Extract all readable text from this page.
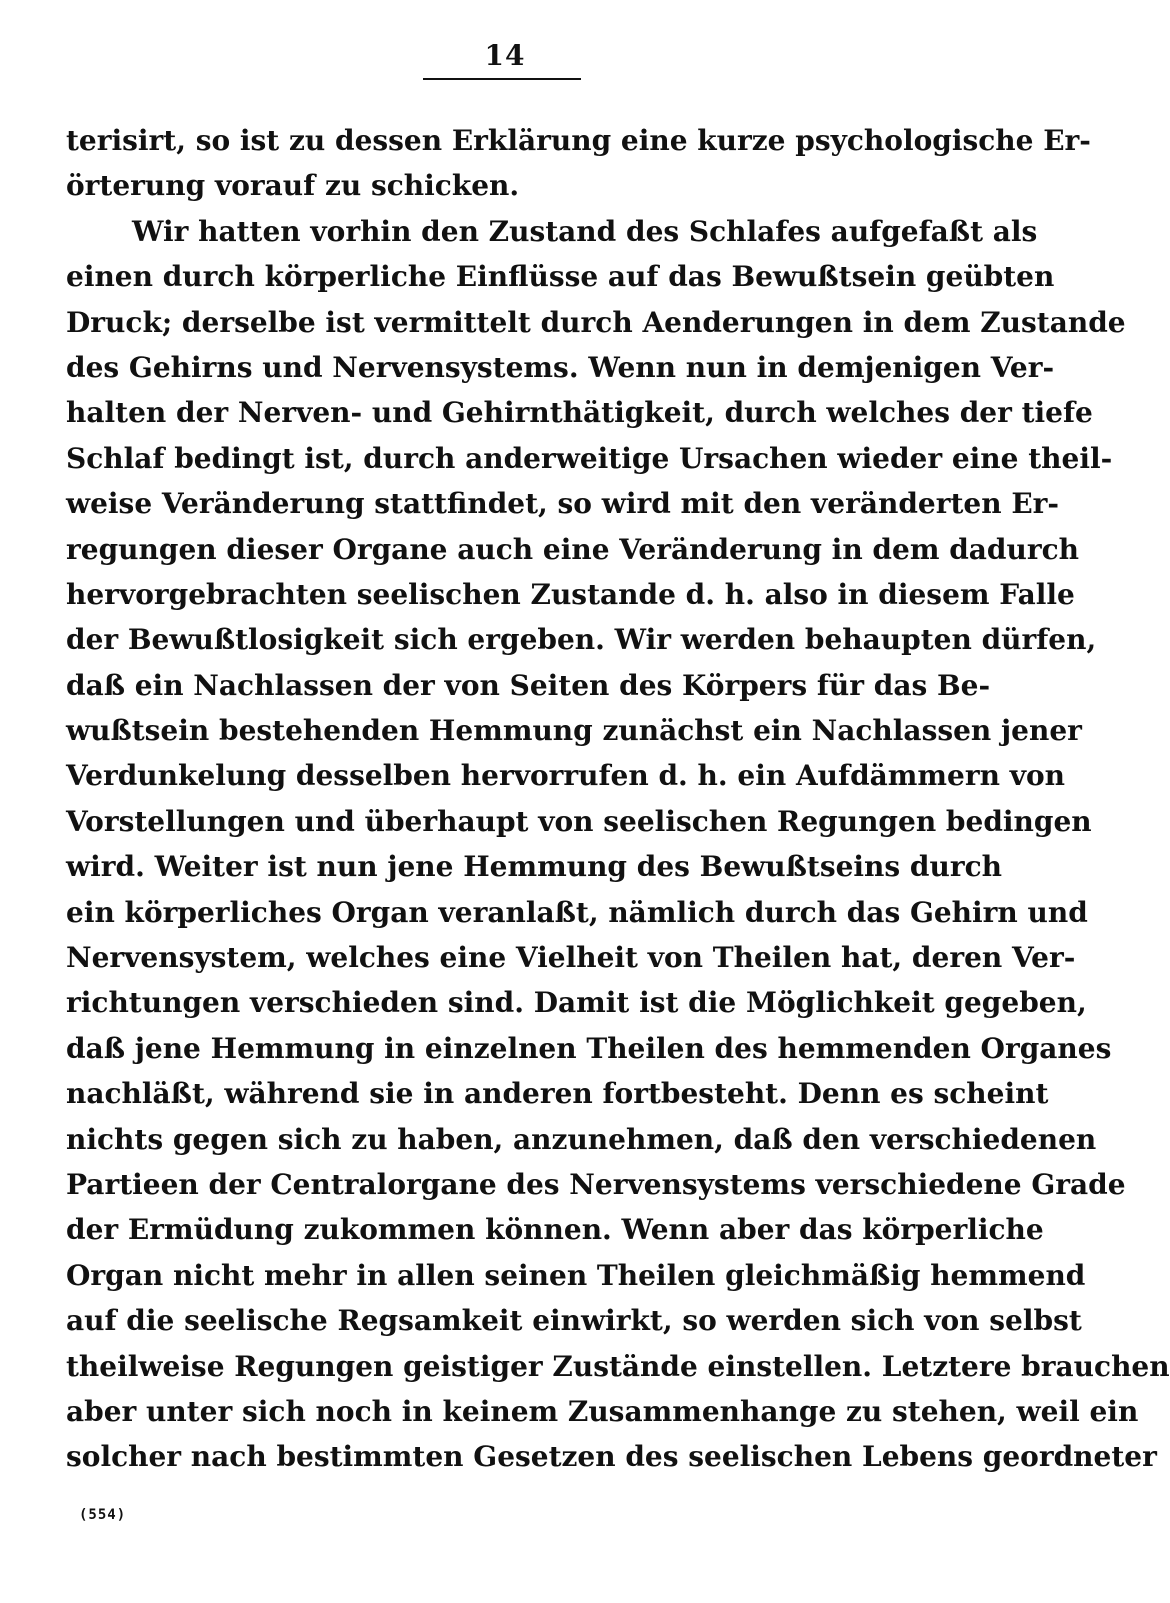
14
terisirt, so ist zu dessen Erklärung eine kurze psychologische Er-
örterung vorauf zu schicken.
Wir hatten vorhin den Zustand des Schlafes aufgefaßt als
einen durch körperliche Einflüsse auf das Bewußtsein geübten
Druck; derselbe ist vermittelt durch Aenderungen in dem Zustande
des Gehirns und Nervensystems. Wenn nun in demjenigen Ver-
halten der Nerven- und Gehirnthätigkeit, durch welches der tiefe
Schlaf bedingt ist, durch anderweitige Ursachen wieder eine theil-
weise Veränderung stattfindet, so wird mit den veränderten Er-
regungen dieser Organe auch eine Veränderung in dem dadurch
hervorgebrachten seelischen Zustande d. h. also in diesem Falle
der Bewußtlosigkeit sich ergeben. Wir werden behaupten dürfen,
daß ein Nachlassen der von Seiten des Körpers für das Be-
wußtsein bestehenden Hemmung zunächst ein Nachlassen jener
Verdunkelung desselben hervorrufen d. h. ein Aufdämmern von
Vorstellungen und überhaupt von seelischen Regungen bedingen
wird. Weiter ist nun jene Hemmung des Bewußtseins durch
ein körperliches Organ veranlaßt, nämlich durch das Gehirn und
Nervensystem, welches eine Vielheit von Theilen hat, deren Ver-
richtungen verschieden sind. Damit ist die Möglichkeit gegeben,
daß jene Hemmung in einzelnen Theilen des hemmenden Organes
nachläßt, während sie in anderen fortbesteht. Denn es scheint
nichts gegen sich zu haben, anzunehmen, daß den verschiedenen
Partieen der Centralorgane des Nervensystems verschiedene Grade
der Ermüdung zukommen können. Wenn aber das körperliche
Organ nicht mehr in allen seinen Theilen gleichmäßig hemmend
auf die seelische Regsamkeit einwirkt, so werden sich von selbst
theilweise Regungen geistiger Zustände einstellen. Letztere brauchen
aber unter sich noch in keinem Zusammenhange zu stehen, weil ein
solcher nach bestimmten Gesetzen des seelischen Lebens geordneter
(554)
